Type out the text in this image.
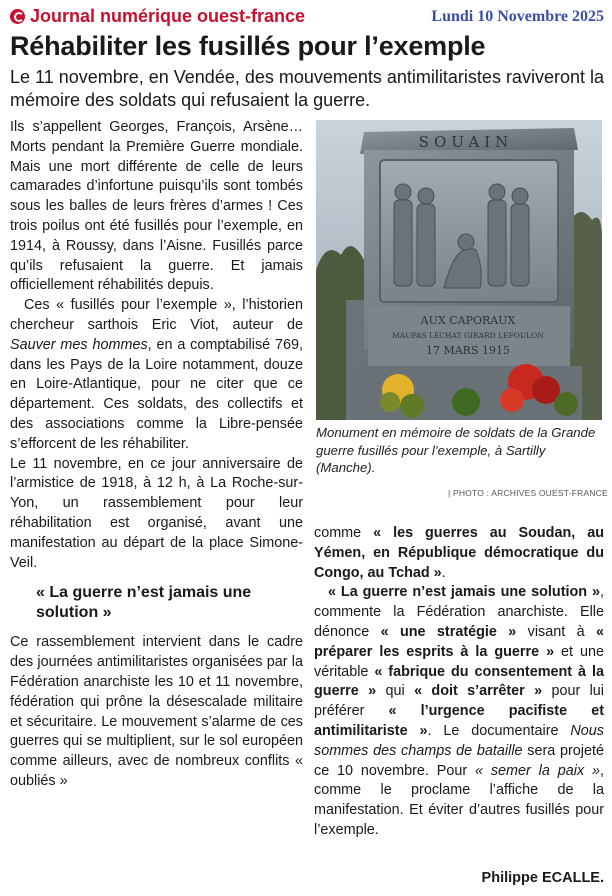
Journal numérique ouest-france	Lundi 10 Novembre 2025
Réhabiliter les fusillés pour l’exemple

Le 11 novembre, en Vendée, des mouvements antimilitaristes raviveront la mémoire des soldats qui refusaient la guerre.

Ils s’appellent Georges, François, Arsène… Morts pendant la Première Guerre mondiale. Mais une mort différente de celle de leurs camarades d’infortune puisqu’ils sont tombés sous les balles de leurs frères d’armes ! Ces trois poilus ont été fusillés pour l’exemple, en 1914, à Roussy, dans l’Aisne. Fusillés parce qu’ils refusaient la guerre. Et jamais officiellement réhabilités depuis.

Ces « fusillés pour l’exemple », l’historien chercheur sarthois Eric Viot, auteur de Sauver mes hommes, en a comptabilisé 769, dans les Pays de la Loire notamment, douze en Loire-Atlantique, pour ne citer que ce département. Ces soldats, des collectifs et des associations comme la Libre-pensée s’efforcent de les réhabiliter.

Le 11 novembre, en ce jour anniversaire de l’armistice de 1918, à 12 h, à La Roche-sur-Yon, un rassemblement pour leur réhabilitation est organisé, avant une manifestation au départ de la place Simone-Veil.

« La guerre n’est jamais une solution »

Ce rassemblement intervient dans le cadre des journées antimilitaristes organisées par la Fédération anarchiste les 10 et 11 novembre, fédération qui prône la désescalade militaire et sécuritaire. Le mouvement s’alarme de ces guerres qui se multiplient, sur le sol européen comme ailleurs, avec de nombreux conflits « oubliés »

SOUAIN
AUX CAPORAUX
MAUPAS LECHAT GIRARD LEFOULON
17 MARS 1915
Monument en mémoire de soldats de la Grande guerre fusillés pour l’exemple, à Sartilly (Manche).
| PHOTO : ARCHIVES OUEST-FRANCE

comme « les guerres au Soudan, au Yémen, en République démocratique du Congo, au Tchad ».

« La guerre n’est jamais une solution », commente la Fédération anarchiste. Elle dénonce « une stratégie » visant à « préparer les esprits à la guerre » et une véritable « fabrique du consentement à la guerre » qui « doit s’arrêter » pour lui préférer « l’urgence pacifiste et antimilitariste ». Le documentaire Nous sommes des champs de bataille sera projeté ce 10 novembre. Pour « semer la paix », comme le proclame l’affiche de la manifestation. Et éviter d’autres fusillés pour l’exemple.

Philippe ECALLE.
